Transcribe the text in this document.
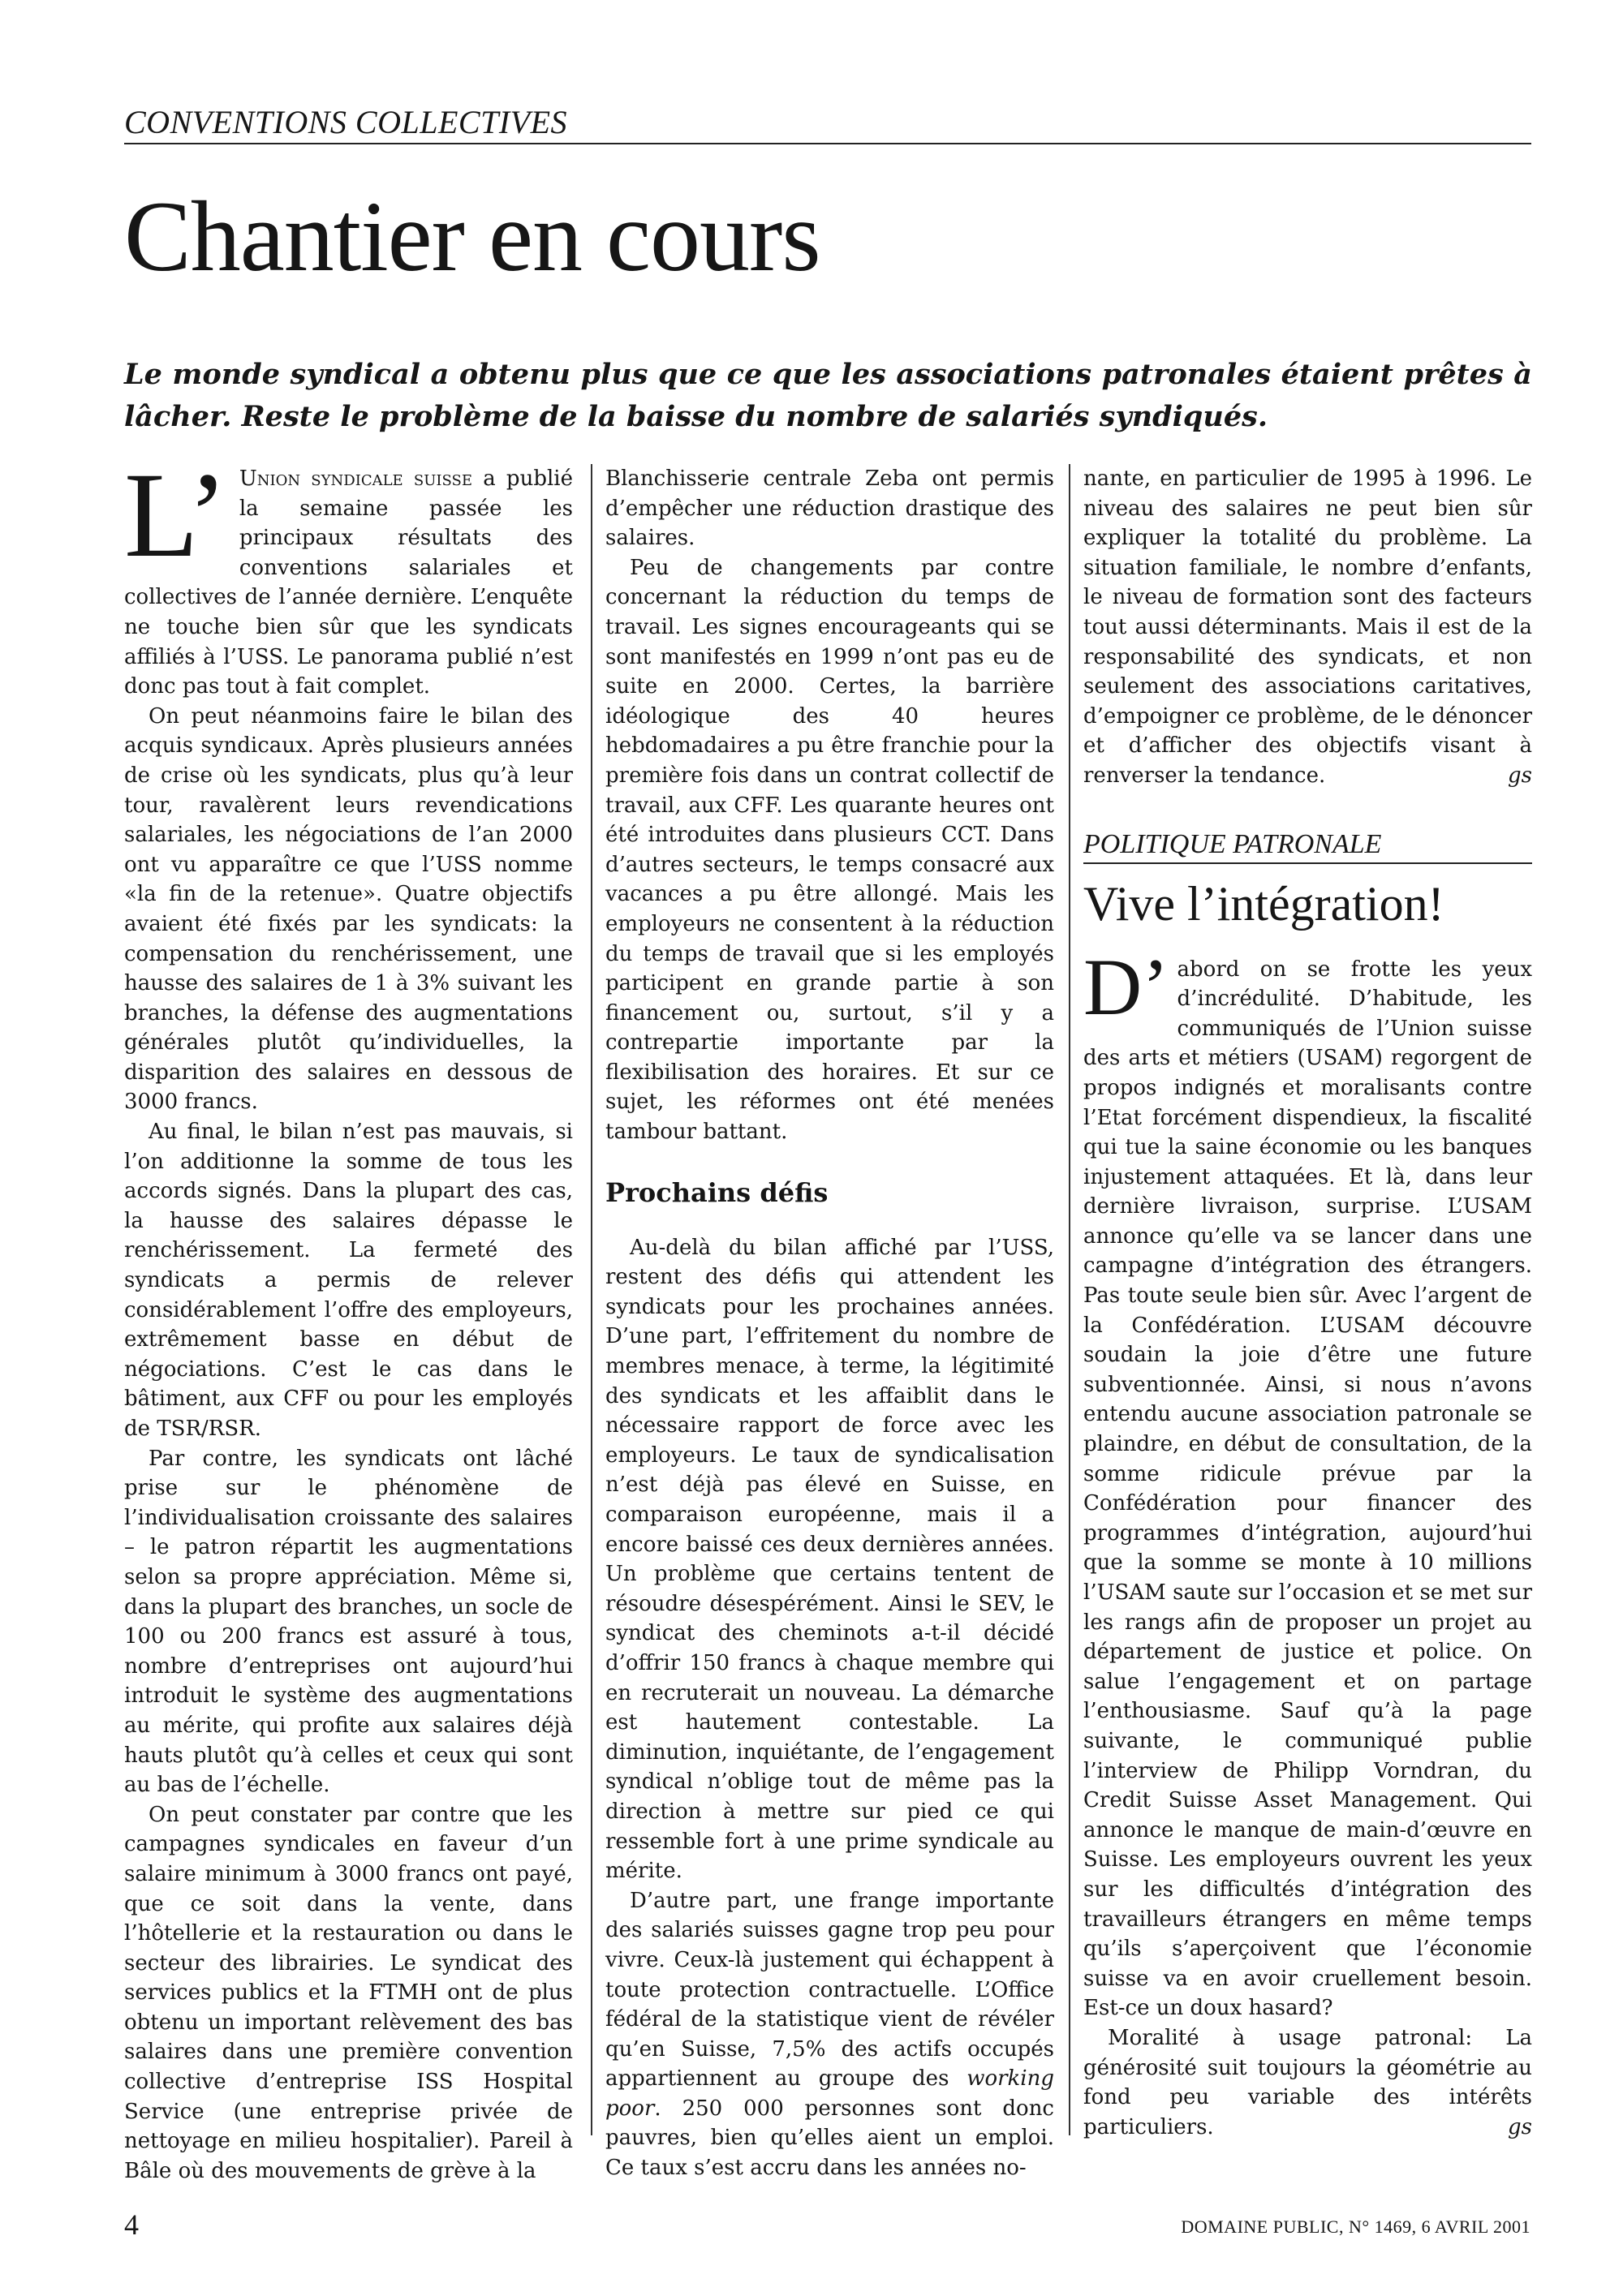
CONVENTIONS COLLECTIVES
Chantier en cours
Le monde syndical a obtenu plus que ce que les associations patronales étaient prêtes à lâcher. Reste le problème de la baisse du nombre de salariés syndiqués.

L’ Union syndicale suisse a publié la semaine passée les principaux résultats des conventions salariales et collectives de l’année dernière. L’enquête ne touche bien sûr que les syndicats affiliés à l’USS. Le panorama publié n’est donc pas tout à fait complet.

On peut néanmoins faire le bilan des acquis syndicaux. Après plusieurs années de crise où les syndicats, plus qu’à leur tour, ravalèrent leurs revendications salariales, les négociations de l’an 2000 ont vu apparaître ce que l’USS nomme «la fin de la retenue». Quatre objectifs avaient été fixés par les syndicats: la compensation du renchérissement, une hausse des salaires de 1 à 3% suivant les branches, la défense des augmentations générales plutôt qu’individuelles, la disparition des salaires en dessous de 3000 francs.

Au final, le bilan n’est pas mauvais, si l’on additionne la somme de tous les accords signés. Dans la plupart des cas, la hausse des salaires dépasse le renchérissement. La fermeté des syndicats a permis de relever considérablement l’offre des employeurs, extrêmement basse en début de négociations. C’est le cas dans le bâtiment, aux CFF ou pour les employés de TSR/RSR.

Par contre, les syndicats ont lâché prise sur le phénomène de l’individualisation croissante des salaires – le patron répartit les augmentations selon sa propre appréciation. Même si, dans la plupart des branches, un socle de 100 ou 200 francs est assuré à tous, nombre d’entreprises ont aujourd’hui introduit le système des augmentations au mérite, qui profite aux salaires déjà hauts plutôt qu’à celles et ceux qui sont au bas de l’échelle.

On peut constater par contre que les campagnes syndicales en faveur d’un salaire minimum à 3000 francs ont payé, que ce soit dans la vente, dans l’hôtellerie et la restauration ou dans le secteur des librairies. Le syndicat des services publics et la FTMH ont de plus obtenu un important relèvement des bas salaires dans une première convention collective d’entreprise ISS Hospital Service (une entreprise privée de nettoyage en milieu hospitalier). Pareil à Bâle où des mouvements de grève à la

Blanchisserie centrale Zeba ont permis d’empêcher une réduction drastique des salaires.

Peu de changements par contre concernant la réduction du temps de travail. Les signes encourageants qui se sont manifestés en 1999 n’ont pas eu de suite en 2000. Certes, la barrière idéologique des 40 heures hebdomadaires a pu être franchie pour la première fois dans un contrat collectif de travail, aux CFF. Les quarante heures ont été introduites dans plusieurs CCT. Dans d’autres secteurs, le temps consacré aux vacances a pu être allongé. Mais les employeurs ne consentent à la réduction du temps de travail que si les employés participent en grande partie à son financement ou, surtout, s’il y a contrepartie importante par la flexibilisation des horaires. Et sur ce sujet, les réformes ont été menées tambour battant.

Prochains défis

Au-delà du bilan affiché par l’USS, restent des défis qui attendent les syndicats pour les prochaines années. D’une part, l’effritement du nombre de membres menace, à terme, la légitimité des syndicats et les affaiblit dans le nécessaire rapport de force avec les employeurs. Le taux de syndicalisation n’est déjà pas élevé en Suisse, en comparaison européenne, mais il a encore baissé ces deux dernières années. Un problème que certains tentent de résoudre désespérément. Ainsi le SEV, le syndicat des cheminots a-t-il décidé d’offrir 150 francs à chaque membre qui en recruterait un nouveau. La démarche est hautement contestable. La diminution, inquiétante, de l’engagement syndical n’oblige tout de même pas la direction à mettre sur pied ce qui ressemble fort à une prime syndicale au mérite.

D’autre part, une frange importante des salariés suisses gagne trop peu pour vivre. Ceux-là justement qui échappent à toute protection contractuelle. L’Office fédéral de la statistique vient de révéler qu’en Suisse, 7,5% des actifs occupés appartiennent au groupe des working poor. 250 000 personnes sont donc pauvres, bien qu’elles aient un emploi. Ce taux s’est accru dans les années no-

nante, en particulier de 1995 à 1996. Le niveau des salaires ne peut bien sûr expliquer la totalité du problème. La situation familiale, le nombre d’enfants, le niveau de formation sont des facteurs tout aussi déterminants. Mais il est de la responsabilité des syndicats, et non seulement des associations caritatives, d’empoigner ce problème, de le dénoncer et d’afficher des objectifs visant à renverser la tendance.	gs

POLITIQUE PATRONALE
Vive l’intégration!

D’ abord on se frotte les yeux d’incrédulité. D’habitude, les communiqués de l’Union suisse des arts et métiers (USAM) regorgent de propos indignés et moralisants contre l’Etat forcément dispendieux, la fiscalité qui tue la saine économie ou les banques injustement attaquées. Et là, dans leur dernière livraison, surprise. L’USAM annonce qu’elle va se lancer dans une campagne d’intégration des étrangers. Pas toute seule bien sûr. Avec l’argent de la Confédération. L’USAM découvre soudain la joie d’être une future subventionnée. Ainsi, si nous n’avons entendu aucune association patronale se plaindre, en début de consultation, de la somme ridicule prévue par la Confédération pour financer des programmes d’intégration, aujourd’hui que la somme se monte à 10 millions l’USAM saute sur l’occasion et se met sur les rangs afin de proposer un projet au département de justice et police. On salue l’engagement et on partage l’enthousiasme. Sauf qu’à la page suivante, le communiqué publie l’interview de Philipp Vorndran, du Credit Suisse Asset Management. Qui annonce le manque de main-d’œuvre en Suisse. Les employeurs ouvrent les yeux sur les difficultés d’intégration des travailleurs étrangers en même temps qu’ils s’aperçoivent que l’économie suisse va en avoir cruellement besoin. Est-ce un doux hasard?

Moralité à usage patronal: La générosité suit toujours la géométrie au fond peu variable des intérêts particuliers.	gs

4	DOMAINE PUBLIC, N° 1469, 6 AVRIL 2001
